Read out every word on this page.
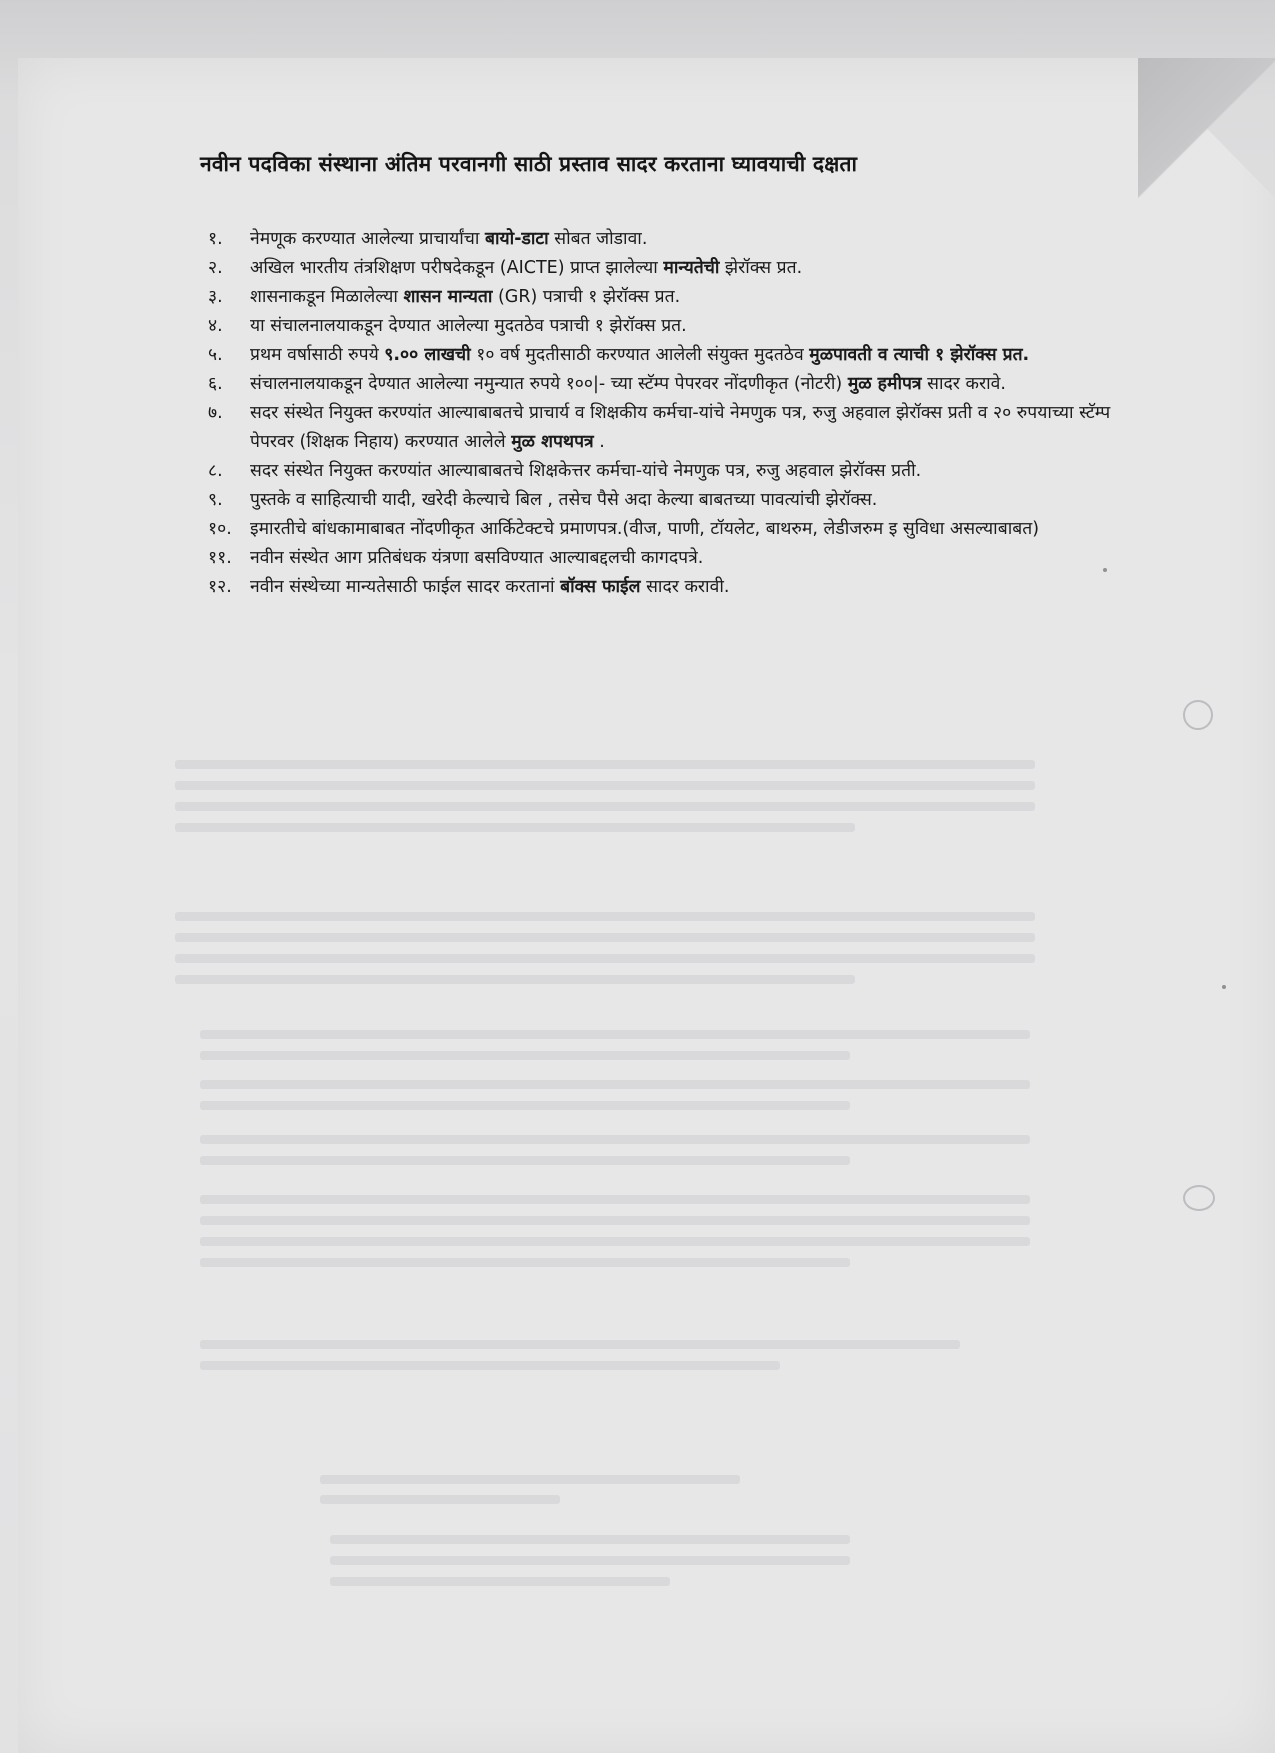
नवीन पदविका संस्थाना अंतिम परवानगी साठी प्रस्ताव सादर करताना घ्यावयाची दक्षता
१.	नेमणूक करण्यात आलेल्या प्राचार्यांचा बायो-डाटा सोबत जोडावा.
२.	अखिल भारतीय तंत्रशिक्षण परीषदेकडून (AICTE) प्राप्त झालेल्या मान्यतेची झेरॉक्स प्रत.
३.	शासनाकडून मिळालेल्या शासन मान्यता (GR) पत्राची १ झेरॉक्स प्रत.
४.	या संचालनालयाकडून देण्यात आलेल्या मुदतठेव पत्राची १ झेरॉक्स प्रत.
५.	प्रथम वर्षासाठी रुपये ९.०० लाखची १० वर्ष मुदतीसाठी करण्यात आलेली संयुक्त मुदतठेव मुळपावती व त्याची १ झेरॉक्स प्रत.
६.	संचालनालयाकडून देण्यात आलेल्या नमुन्यात रुपये १००|- च्या स्टॅम्प पेपरवर नोंदणीकृत (नोटरी) मुळ हमीपत्र सादर करावे.
७.	सदर संस्थेत नियुक्त करण्यांत आल्याबाबतचे प्राचार्य व शिक्षकीय कर्मचा-यांचे नेमणुक पत्र, रुजु अहवाल झेरॉक्स प्रती व २० रुपयाच्या स्टॅम्प पेपरवर (शिक्षक निहाय) करण्यात आलेले मुळ शपथपत्र .
८.	सदर संस्थेत नियुक्त करण्यांत आल्याबाबतचे शिक्षकेत्तर कर्मचा-यांचे नेमणुक पत्र, रुजु अहवाल झेरॉक्स प्रती.
९.	पुस्तके व साहित्याची यादी, खरेदी केल्याचे बिल , तसेच पैसे अदा केल्या बाबतच्या पावत्यांची झेरॉक्स.
१०.	इमारतीचे बांधकामाबाबत नोंदणीकृत आर्किटेक्टचे प्रमाणपत्र.(वीज, पाणी, टॉयलेट, बाथरुम, लेडीजरुम इ सुविधा असल्याबाबत)
११.	नवीन संस्थेत आग प्रतिबंधक यंत्रणा बसविण्यात आल्याबद्दलची कागदपत्रे.
१२.	नवीन संस्थेच्या मान्यतेसाठी फाईल सादर करतानां बॉक्स फाईल सादर करावी.
